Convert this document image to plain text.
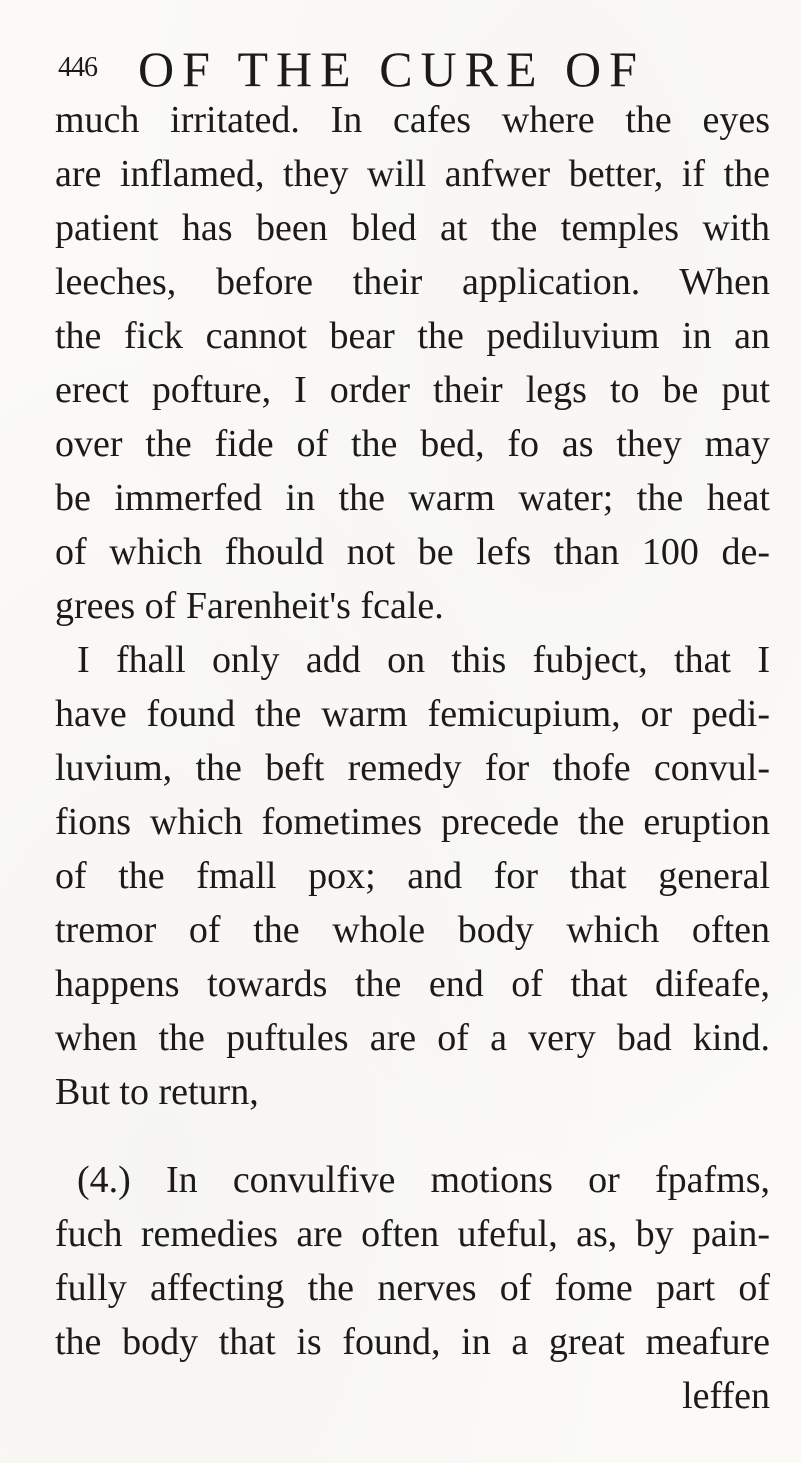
446 OF THE CURE OF
much irritated. In cafes where the eyes
are inflamed, they will anfwer better, if the
patient has been bled at the temples with
leeches, before their application. When
the fick cannot bear the pediluvium in an
erect pofture, I order their legs to be put
over the fide of the bed, fo as they may
be immerfed in the warm water; the heat
of which fhould not be lefs than 100 de-
grees of Farenheit's fcale.
I fhall only add on this fubject, that I
have found the warm femicupium, or pedi-
luvium, the beft remedy for thofe convul-
fions which fometimes precede the eruption
of the fmall pox; and for that general
tremor of the whole body which often
happens towards the end of that difeafe,
when the puftules are of a very bad kind.
But to return,
(4.) In convulfive motions or fpafms,
fuch remedies are often ufeful, as, by pain-
fully affecting the nerves of fome part of
the body that is found, in a great meafure
leffen
